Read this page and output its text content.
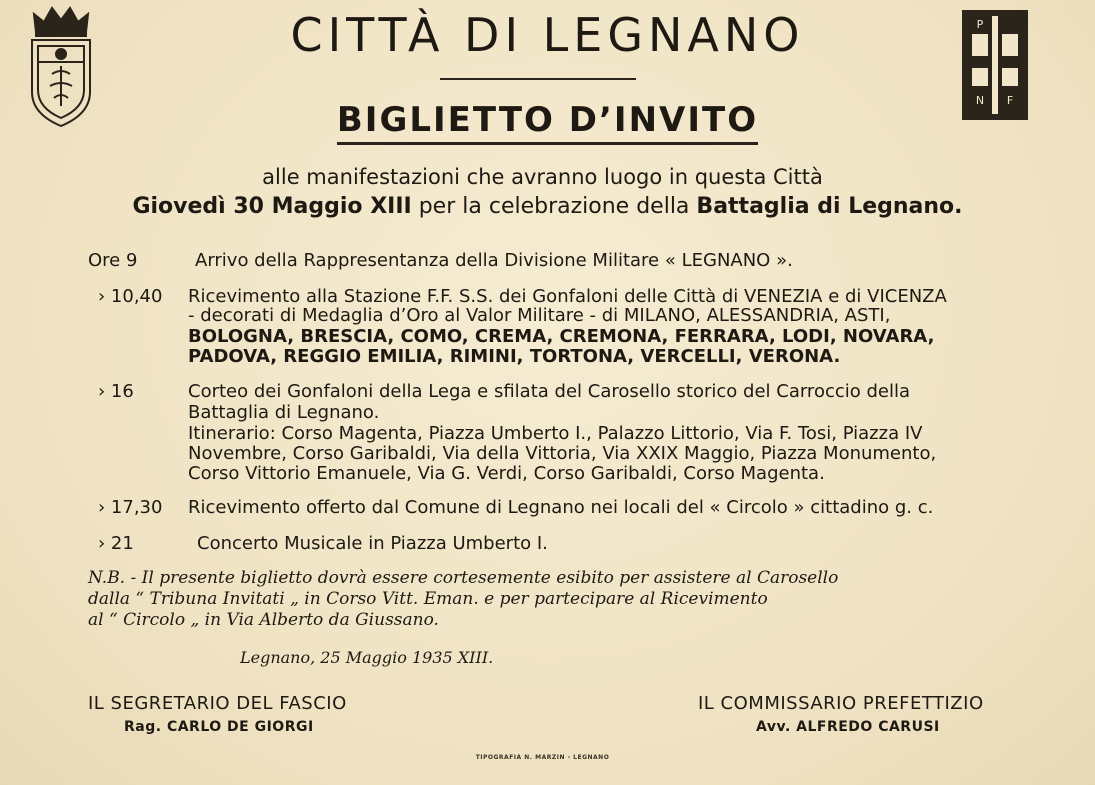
P
N F
CITTÀ DI LEGNANO
BIGLIETTO D’INVITO
alle manifestazioni che avranno luogo in questa Città
Giovedì 30 Maggio XIII per la celebrazione della Battaglia di Legnano.
Ore 9	Arrivo della Rappresentanza della Divisione Militare « LEGNANO ».
› 10,40 Ricevimento alla Stazione F.F. S.S. dei Gonfaloni delle Città di VENEZIA e di VICENZA
- decorati di Medaglia d’Oro al Valor Militare - di MILANO, ALESSANDRIA, ASTI,
BOLOGNA, BRESCIA, COMO, CREMA, CREMONA, FERRARA, LODI, NOVARA,
PADOVA, REGGIO EMILIA, RIMINI, TORTONA, VERCELLI, VERONA.
› 16	Corteo dei Gonfaloni della Lega e sfilata del Carosello storico del Carroccio della
Battaglia di Legnano.
Itinerario: Corso Magenta, Piazza Umberto I., Palazzo Littorio, Via F. Tosi, Piazza IV
Novembre, Corso Garibaldi, Via della Vittoria, Via XXIX Maggio, Piazza Monumento,
Corso Vittorio Emanuele, Via G. Verdi, Corso Garibaldi, Corso Magenta.
› 17,30 Ricevimento offerto dal Comune di Legnano nei locali del « Circolo » cittadino g. c.
› 21	Concerto Musicale in Piazza Umberto I.
N.B. - Il presente biglietto dovrà essere cortesemente esibito per assistere al Carosello
dalla “ Tribuna Invitati „ in Corso Vitt. Eman. e per partecipare al Ricevimento
al “ Circolo „ in Via Alberto da Giussano.
Legnano, 25 Maggio 1935 XIII.
IL SEGRETARIO DEL FASCIO
Rag. CARLO DE GIORGI
IL COMMISSARIO PREFETTIZIO
Avv. ALFREDO CARUSI
TIPOGRAFIA N. MARZIN - LEGNANO
